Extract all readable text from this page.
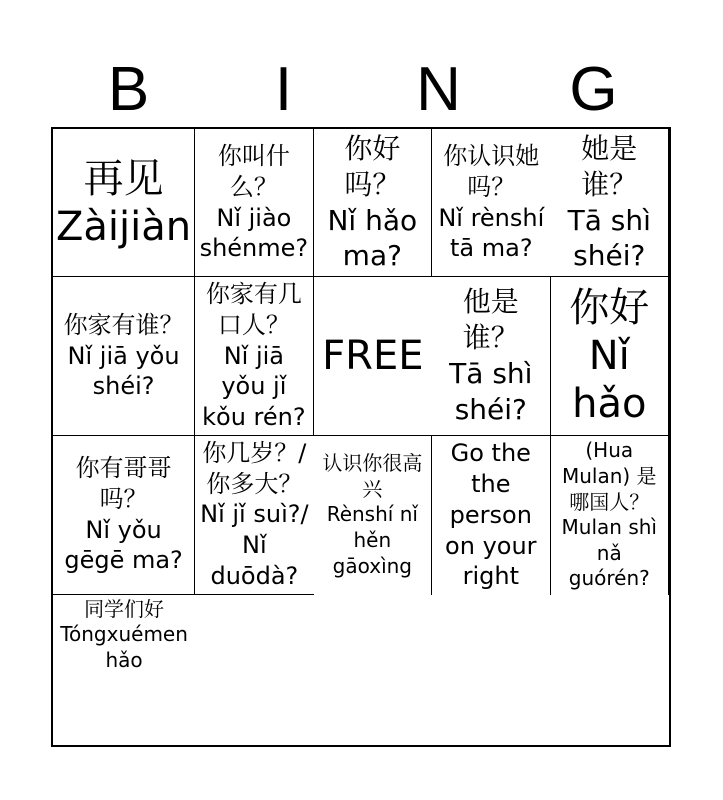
B	I	N	G
再见
Zàijiàn
你叫什么？
Nǐ jiào shénme?
你好吗？
Nǐ hǎo ma?
你认识她吗？
Nǐ rènshí tā ma?
她是谁？
Tā shì shéi?
你家有谁？
Nǐ jiā yǒu shéi?
你家有几口人？
Nǐ jiā yǒu jǐ kǒu rén?
FREE
他是谁？
Tā shì shéi?
你好
Nǐ hǎo
你有哥哥吗？
Nǐ yǒu gēgē ma?
你几岁？/你多大？
Nǐ jǐ suì?/ Nǐ duōdà?
认识你很高兴
Rènshí nǐ hěn gāoxìng
Go the the person on your right
(Hua Mulan) 是哪国人？
Mulan shì nǎ guórén?
同学们好
Tóngxuémen hǎo
